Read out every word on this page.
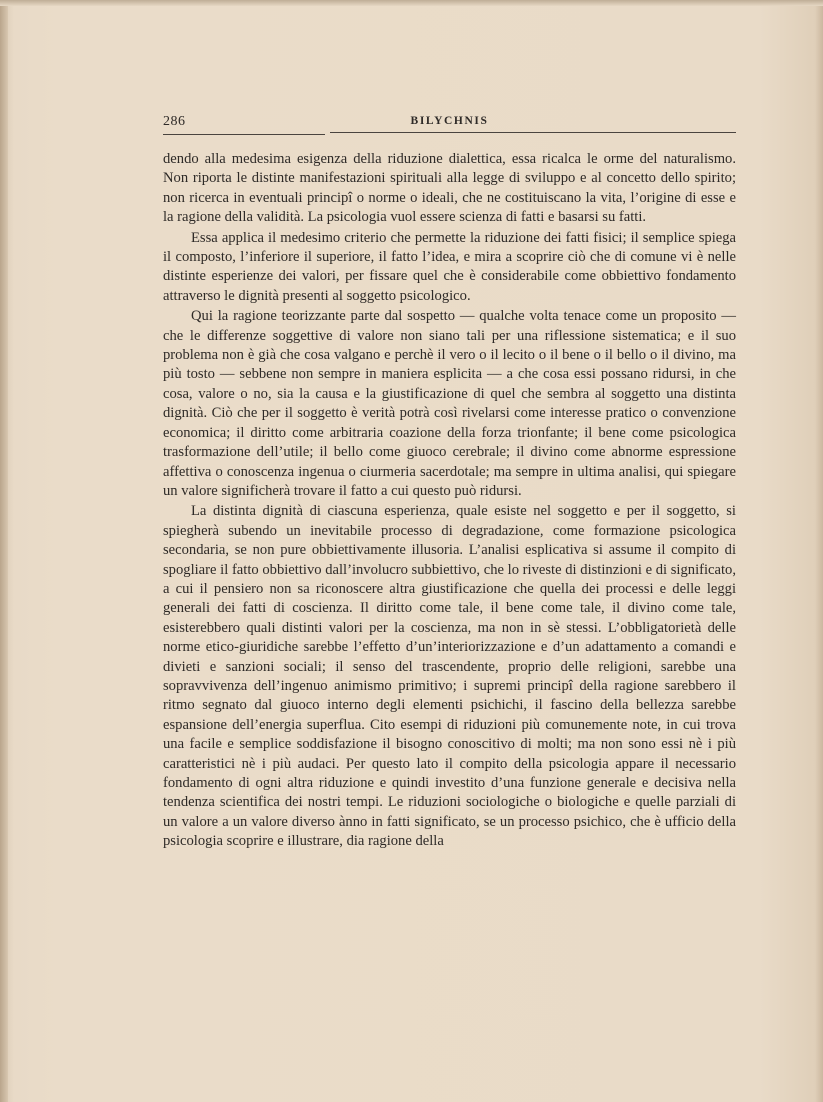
286	BILYCHNIS

dendo alla medesima esigenza della riduzione dialettica, essa ricalca le orme del naturalismo. Non riporta le distinte manifestazioni spirituali alla legge di sviluppo e al concetto dello spirito; non ricerca in eventuali principî o norme o ideali, che ne costituiscano la vita, l’origine di esse e la ragione della validità. La psicologia vuol essere scienza di fatti e basarsi su fatti.

Essa applica il medesimo criterio che permette la riduzione dei fatti fisici; il semplice spiega il composto, l’inferiore il superiore, il fatto l’idea, e mira a scoprire ciò che di comune vi è nelle distinte esperienze dei valori, per fissare quel che è considerabile come obbiettivo fondamento attraverso le dignità presenti al soggetto psicologico.

Qui la ragione teorizzante parte dal sospetto — qualche volta tenace come un proposito — che le differenze soggettive di valore non siano tali per una riflessione sistematica; e il suo problema non è già che cosa valgano e perchè il vero o il lecito o il bene o il bello o il divino, ma più tosto — sebbene non sempre in maniera esplicita — a che cosa essi possano ridursi, in che cosa, valore o no, sia la causa e la giustificazione di quel che sembra al soggetto una distinta dignità. Ciò che per il soggetto è verità potrà così rivelarsi come interesse pratico o convenzione economica; il diritto come arbitraria coazione della forza trionfante; il bene come psicologica trasformazione dell’utile; il bello come giuoco cerebrale; il divino come abnorme espressione affettiva o conoscenza ingenua o ciurmeria sacerdotale; ma sempre in ultima analisi, qui spiegare un valore significherà trovare il fatto a cui questo può ridursi.

La distinta dignità di ciascuna esperienza, quale esiste nel soggetto e per il soggetto, si spiegherà subendo un inevitabile processo di degradazione, come formazione psicologica secondaria, se non pure obbiettivamente illusoria. L’analisi esplicativa si assume il compito di spogliare il fatto obbiettivo dall’involucro subbiettivo, che lo riveste di distinzioni e di significato, a cui il pensiero non sa riconoscere altra giustificazione che quella dei processi e delle leggi generali dei fatti di coscienza. Il diritto come tale, il bene come tale, il divino come tale, esisterebbero quali distinti valori per la coscienza, ma non in sè stessi. L’obbligatorietà delle norme etico-giuridiche sarebbe l’effetto d’un’interiorizzazione e d’un adattamento a comandi e divieti e sanzioni sociali; il senso del trascendente, proprio delle religioni, sarebbe una sopravvivenza dell’ingenuo animismo primitivo; i supremi principî della ragione sarebbero il ritmo segnato dal giuoco interno degli elementi psichichi, il fascino della bellezza sarebbe espansione dell’energia superflua. Cito esempi di riduzioni più comunemente note, in cui trova una facile e semplice soddisfazione il bisogno conoscitivo di molti; ma non sono essi nè i più caratteristici nè i più audaci. Per questo lato il compito della psicologia appare il necessario fondamento di ogni altra riduzione e quindi investito d’una funzione generale e decisiva nella tendenza scientifica dei nostri tempi. Le riduzioni sociologiche o biologiche e quelle parziali di un valore a un valore diverso ànno in fatti significato, se un processo psichico, che è ufficio della psicologia scoprire e illustrare, dia ragione della
